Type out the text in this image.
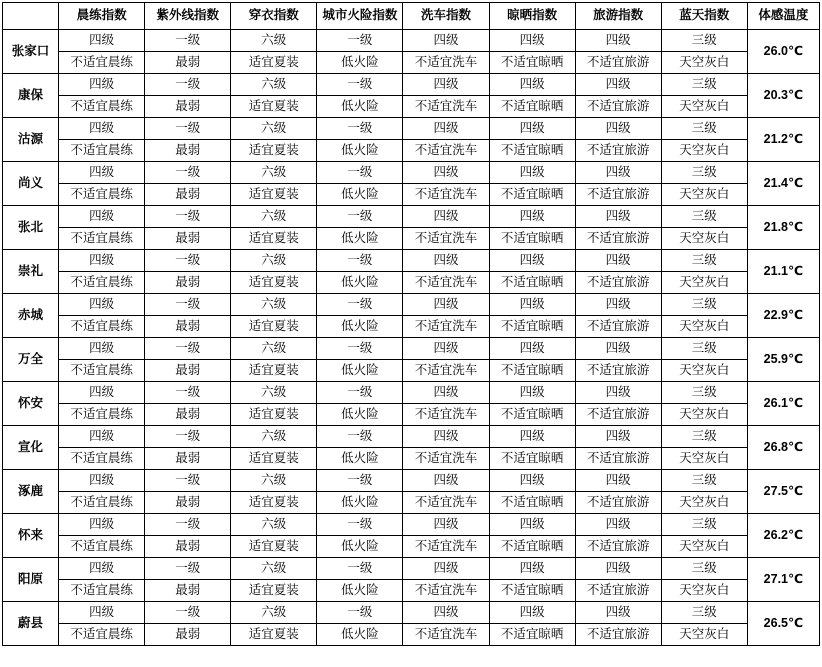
	晨练指数	紫外线指数	穿衣指数	城市火险指数	洗车指数	晾晒指数	旅游指数	蓝天指数	体感温度
张家口	四级	一级	六级	一级	四级	四级	四级	三级	26.0℃
	不适宜晨练	最弱	适宜夏装	低火险	不适宜洗车	不适宜晾晒	不适宜旅游	天空灰白	
康保	四级	一级	六级	一级	四级	四级	四级	三级	20.3℃
	不适宜晨练	最弱	适宜夏装	低火险	不适宜洗车	不适宜晾晒	不适宜旅游	天空灰白	
沽源	四级	一级	六级	一级	四级	四级	四级	三级	21.2℃
	不适宜晨练	最弱	适宜夏装	低火险	不适宜洗车	不适宜晾晒	不适宜旅游	天空灰白	
尚义	四级	一级	六级	一级	四级	四级	四级	三级	21.4℃
	不适宜晨练	最弱	适宜夏装	低火险	不适宜洗车	不适宜晾晒	不适宜旅游	天空灰白	
张北	四级	一级	六级	一级	四级	四级	四级	三级	21.8℃
	不适宜晨练	最弱	适宜夏装	低火险	不适宜洗车	不适宜晾晒	不适宜旅游	天空灰白	
崇礼	四级	一级	六级	一级	四级	四级	四级	三级	21.1℃
	不适宜晨练	最弱	适宜夏装	低火险	不适宜洗车	不适宜晾晒	不适宜旅游	天空灰白	
赤城	四级	一级	六级	一级	四级	四级	四级	三级	22.9℃
	不适宜晨练	最弱	适宜夏装	低火险	不适宜洗车	不适宜晾晒	不适宜旅游	天空灰白	
万全	四级	一级	六级	一级	四级	四级	四级	三级	25.9℃
	不适宜晨练	最弱	适宜夏装	低火险	不适宜洗车	不适宜晾晒	不适宜旅游	天空灰白	
怀安	四级	一级	六级	一级	四级	四级	四级	三级	26.1℃
	不适宜晨练	最弱	适宜夏装	低火险	不适宜洗车	不适宜晾晒	不适宜旅游	天空灰白	
宣化	四级	一级	六级	一级	四级	四级	四级	三级	26.8℃
	不适宜晨练	最弱	适宜夏装	低火险	不适宜洗车	不适宜晾晒	不适宜旅游	天空灰白	
涿鹿	四级	一级	六级	一级	四级	四级	四级	三级	27.5℃
	不适宜晨练	最弱	适宜夏装	低火险	不适宜洗车	不适宜晾晒	不适宜旅游	天空灰白	
怀来	四级	一级	六级	一级	四级	四级	四级	三级	26.2℃
	不适宜晨练	最弱	适宜夏装	低火险	不适宜洗车	不适宜晾晒	不适宜旅游	天空灰白	
阳原	四级	一级	六级	一级	四级	四级	四级	三级	27.1℃
	不适宜晨练	最弱	适宜夏装	低火险	不适宜洗车	不适宜晾晒	不适宜旅游	天空灰白	
蔚县	四级	一级	六级	一级	四级	四级	四级	三级	26.5℃
	不适宜晨练	最弱	适宜夏装	低火险	不适宜洗车	不适宜晾晒	不适宜旅游	天空灰白	
